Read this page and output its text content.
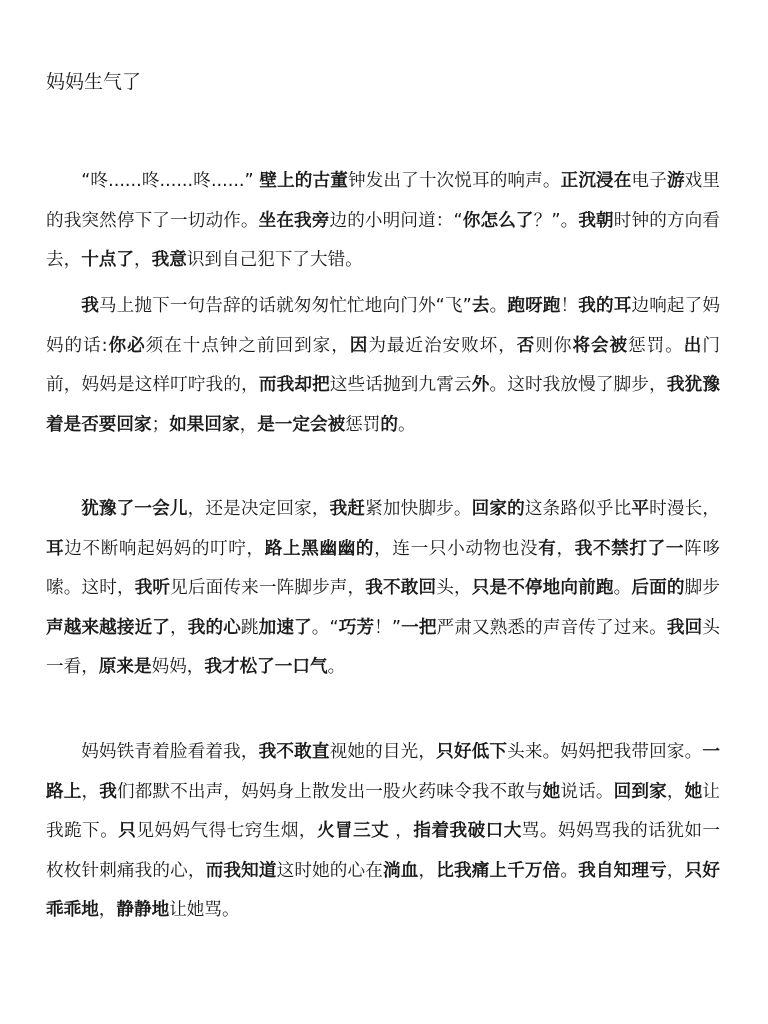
妈妈生气了

“咚......咚......咚......” 壁上的古董钟发出了十次悦耳的响声。正沉浸在电子游戏里的我突然停下了一切动作。坐在我旁边的小明问道：“你怎么了？”。我朝时钟的方向看去，十点了，我意识到自己犯下了大错。

我马上抛下一句告辞的话就匆匆忙忙地向门外“飞”去。跑呀跑！我的耳边响起了妈妈的话:你必须在十点钟之前回到家，因为最近治安败坏，否则你将会被惩罚。出门前，妈妈是这样叮咛我的，而我却把这些话抛到九霄云外。这时我放慢了脚步，我犹豫着是否要回家；如果回家，是一定会被惩罚的。

犹豫了一会儿，还是决定回家，我赶紧加快脚步。回家的这条路似乎比平时漫长，耳边不断响起妈妈的叮咛，路上黑幽幽的，连一只小动物也没有，我不禁打了一阵哆嗦。这时，我听见后面传来一阵脚步声，我不敢回头，只是不停地向前跑。后面的脚步声越来越接近了，我的心跳加速了。“巧芳！”一把严肃又熟悉的声音传了过来。我回头一看，原来是妈妈，我才松了一口气。

妈妈铁青着脸看着我，我不敢直视她的目光，只好低下头来。妈妈把我带回家。一路上，我们都默不出声，妈妈身上散发出一股火药味令我不敢与她说话。回到家，她让我跪下。只见妈妈气得七窍生烟，火冒三丈 ，指着我破口大骂。妈妈骂我的话犹如一枚枚针刺痛我的心，而我知道这时她的心在淌血，比我痛上千万倍。我自知理亏，只好乖乖地，静静地让她骂。
